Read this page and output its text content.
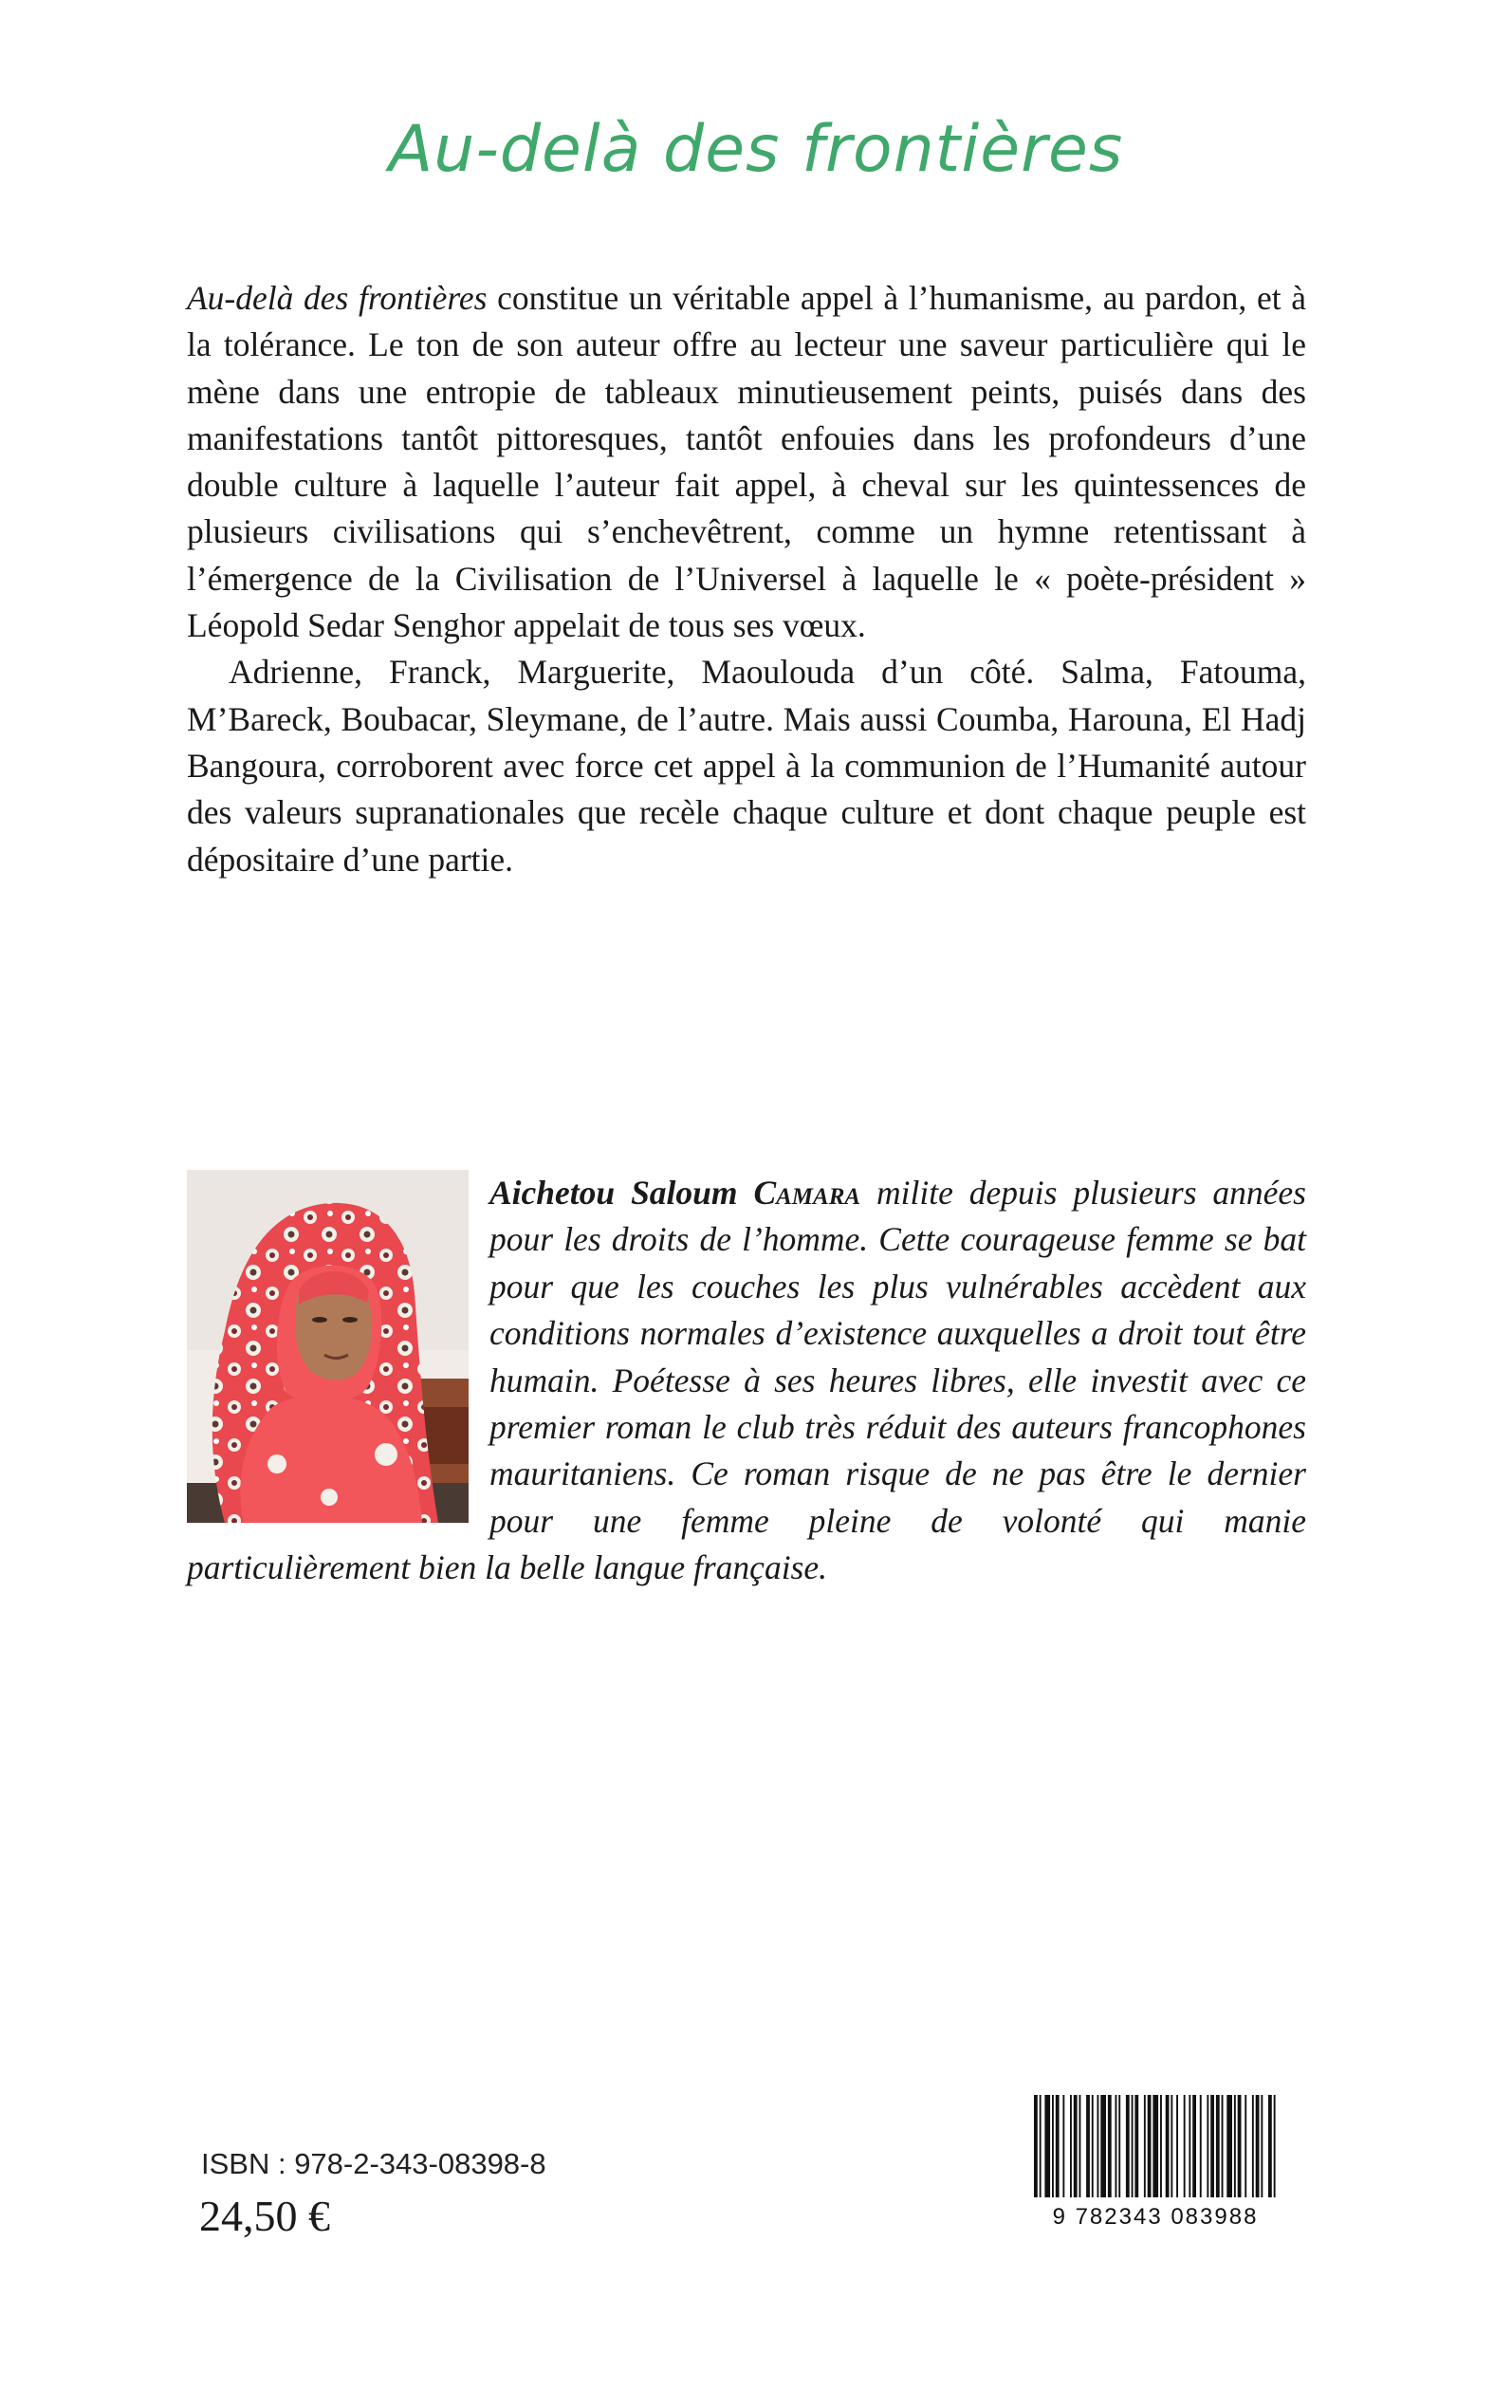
Au-delà des frontières

Au-delà des frontières constitue un véritable appel à l’humanisme, au pardon, et à la tolérance. Le ton de son auteur offre au lecteur une saveur particulière qui le mène dans une entropie de tableaux minutieusement peints, puisés dans des manifestations tantôt pittoresques, tantôt enfouies dans les profondeurs d’une double culture à laquelle l’auteur fait appel, à cheval sur les quintessences de plusieurs civilisations qui s’enchevêtrent, comme un hymne retentissant à l’émergence de la Civilisation de l’Universel à laquelle le « poète-président » Léopold Sedar Senghor appelait de tous ses vœux.

Adrienne, Franck, Marguerite, Maoulouda d’un côté. Salma, Fatouma, M’Bareck, Boubacar, Sleymane, de l’autre. Mais aussi Coumba, Harouna, El Hadj Bangoura, corroborent avec force cet appel à la communion de l’Humanité autour des valeurs supranationales que recèle chaque culture et dont chaque peuple est dépositaire d’une partie.

Aichetou Saloum Camara milite depuis plusieurs années pour les droits de l’homme. Cette courageuse femme se bat pour que les couches les plus vulnérables accèdent aux conditions normales d’existence auxquelles a droit tout être humain. Poétesse à ses heures libres, elle investit avec ce premier roman le club très réduit des auteurs francophones mauritaniens. Ce roman risque de ne pas être le dernier pour une femme pleine de volonté qui manie particulièrement bien la belle langue française.
ISBN : 978-2-343-08398-8
24,50 €	9 782343 083988
